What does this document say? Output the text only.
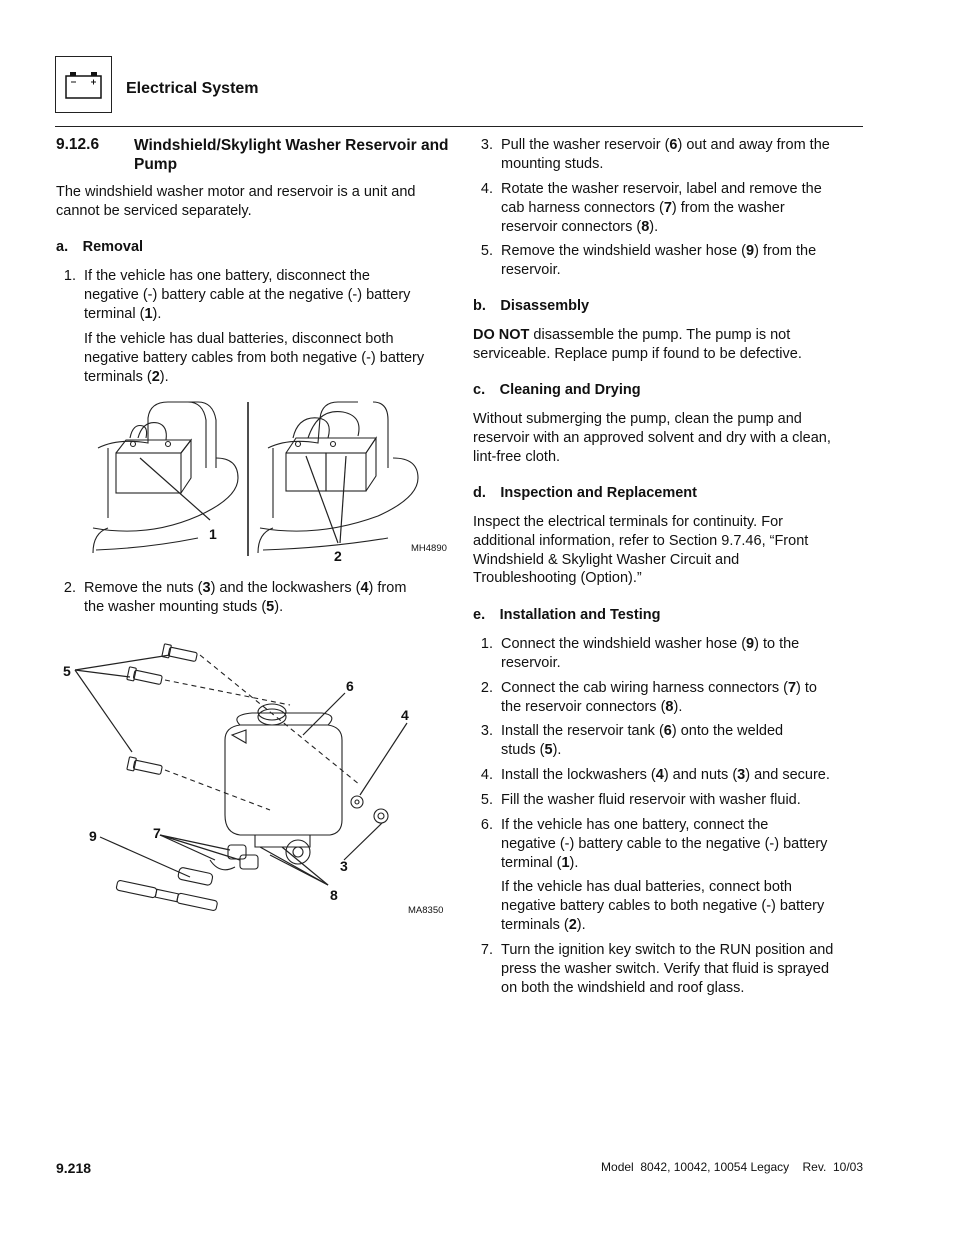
Electrical System
9.12.6 Windshield/Skylight Washer Reservoir and Pump

The windshield washer motor and reservoir is a unit and cannot be serviced separately.

a. Removal
1. If the vehicle has one battery, disconnect the
negative (-) battery cable at the negative (-) battery
terminal (1).
If the vehicle has dual batteries, disconnect both
negative battery cables from both negative (-) battery
terminals (2).
1
2	MH4890
2. Remove the nuts (3) and the lockwashers (4) from
the washer mounting studs (5).
5
6
4
9	7
3
8
MA8350
3. Pull the washer reservoir (6) out and away from the
mounting studs.
4. Rotate the washer reservoir, label and remove the
cab harness connectors (7) from the washer
reservoir connectors (8).
5. Remove the windshield washer hose (9) from the
reservoir.
b. Disassembly
DO NOT disassemble the pump. The pump is not
serviceable. Replace pump if found to be defective.
c. Cleaning and Drying
Without submerging the pump, clean the pump and
reservoir with an approved solvent and dry with a clean,
lint-free cloth.
d. Inspection and Replacement
Inspect the electrical terminals for continuity. For
additional information, refer to Section 9.7.46, “Front
Windshield & Skylight Washer Circuit and
Troubleshooting (Option).”
e. Installation and Testing
1. Connect the windshield washer hose (9) to the
reservoir.
2. Connect the cab wiring harness connectors (7) to
the reservoir connectors (8).
3. Install the reservoir tank (6) onto the welded
studs (5).
4. Install the lockwashers (4) and nuts (3) and secure.
5. Fill the washer fluid reservoir with washer fluid.
6. If the vehicle has one battery, connect the
negative (-) battery cable to the negative (-) battery
terminal (1).
If the vehicle has dual batteries, connect both
negative battery cables to both negative (-) battery
terminals (2).
7. Turn the ignition key switch to the RUN position and
press the washer switch. Verify that fluid is sprayed
on both the windshield and roof glass.
9.218	Model  8042, 10042, 10054 Legacy    Rev.  10/03
